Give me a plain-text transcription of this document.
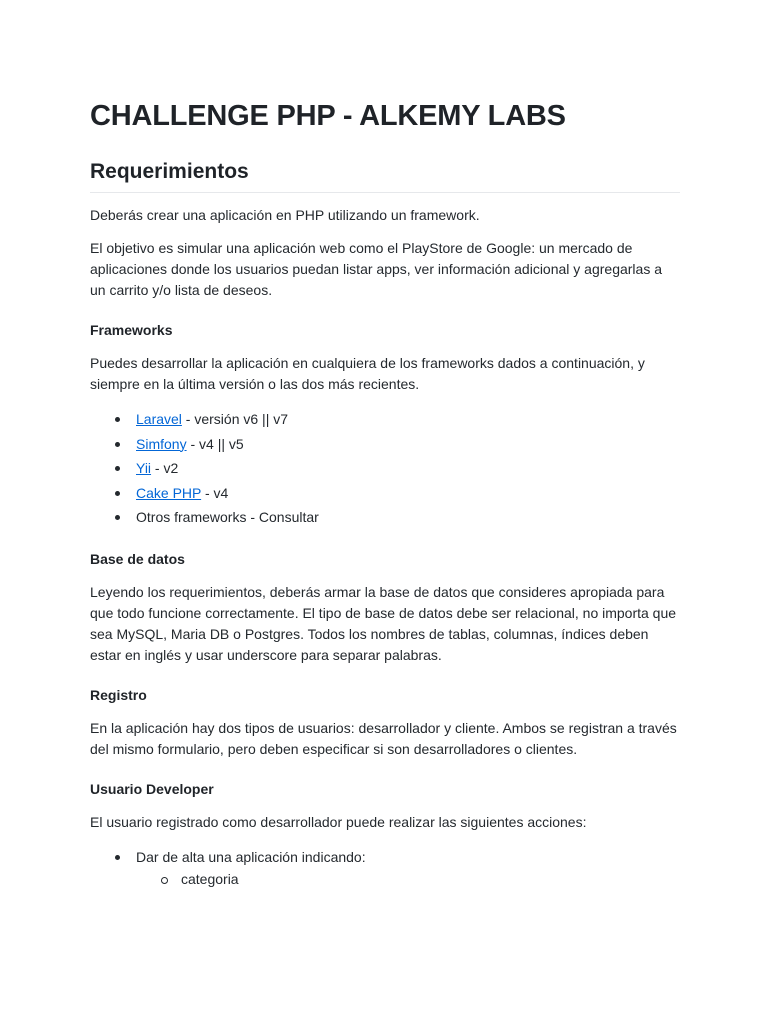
CHALLENGE PHP - ALKEMY LABS
Requerimientos

Deberás crear una aplicación en PHP utilizando un framework.

El objetivo es simular una aplicación web como el PlayStore de Google: un mercado de aplicaciones donde los usuarios puedan listar apps, ver información adicional y agregarlas a un carrito y/o lista de deseos.

Frameworks

Puedes desarrollar la aplicación en cualquiera de los frameworks dados a continuación, y siempre en la última versión o las dos más recientes.

Laravel - versión v6 || v7
Simfony - v4 || v5
Yii - v2
Cake PHP - v4
Otros frameworks - Consultar
Base de datos

Leyendo los requerimientos, deberás armar la base de datos que consideres apropiada para que todo funcione correctamente. El tipo de base de datos debe ser relacional, no importa que sea MySQL, Maria DB o Postgres. Todos los nombres de tablas, columnas, índices deben estar en inglés y usar underscore para separar palabras.

Registro

En la aplicación hay dos tipos de usuarios: desarrollador y cliente. Ambos se registran a través del mismo formulario, pero deben especificar si son desarrolladores o clientes.

Usuario Developer

El usuario registrado como desarrollador puede realizar las siguientes acciones:

Dar de alta una aplicación indicando:
categoria
